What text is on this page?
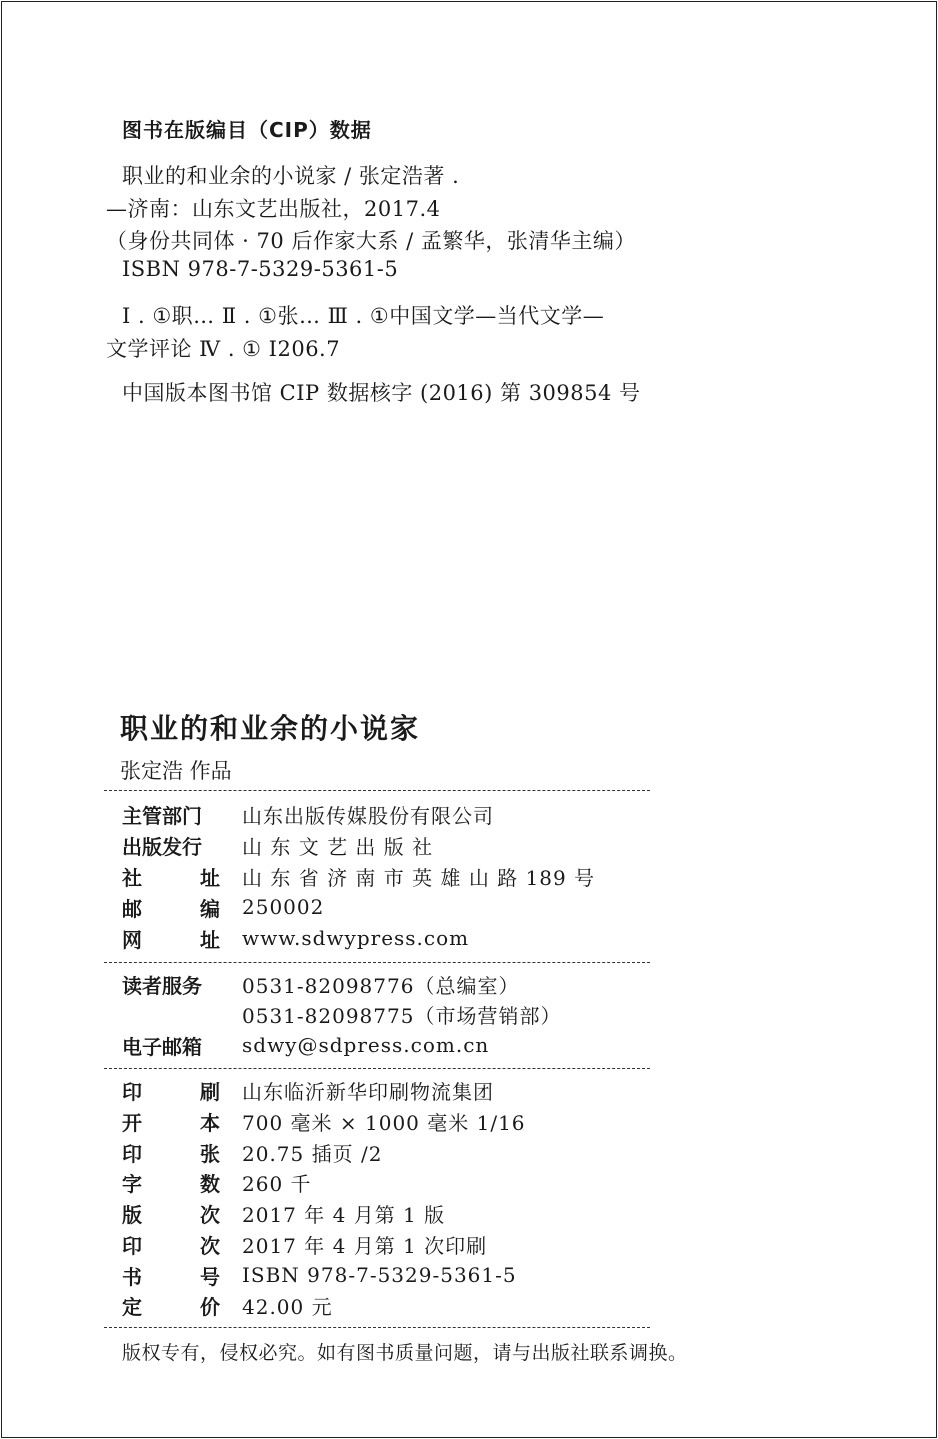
图书在版编目（CIP）数据
职业的和业余的小说家 / 张定浩著 .
—济南：山东文艺出版社，2017.4
（身份共同体 · 70 后作家大系 / 孟繁华，张清华主编）
ISBN 978-7-5329-5361-5
Ⅰ . ①职… Ⅱ . ①张… Ⅲ . ①中国文学—当代文学—
文学评论 Ⅳ . ① I206.7
中国版本图书馆 CIP 数据核字 (2016) 第 309854 号
职业的和业余的小说家
张定浩 作品
主管部门 山东出版传媒股份有限公司
出版发行 山 东 文 艺 出 版 社
社	址 山 东 省 济 南 市 英 雄 山 路 189 号
邮	编 250002
网	址 www.sdwypress.com
读者服务 0531-82098776（总编室）
0531-82098775（市场营销部）
电子邮箱 sdwy@sdpress.com.cn
印	刷 山东临沂新华印刷物流集团
开	本 700 毫米 × 1000 毫米 1/16
印	张 20.75 插页 /2
字	数 260 千
版	次 2017 年 4 月第 1 版
印	次 2017 年 4 月第 1 次印刷
书	号 ISBN 978-7-5329-5361-5
定	价 42.00 元
版权专有，侵权必究。如有图书质量问题，请与出版社联系调换。
